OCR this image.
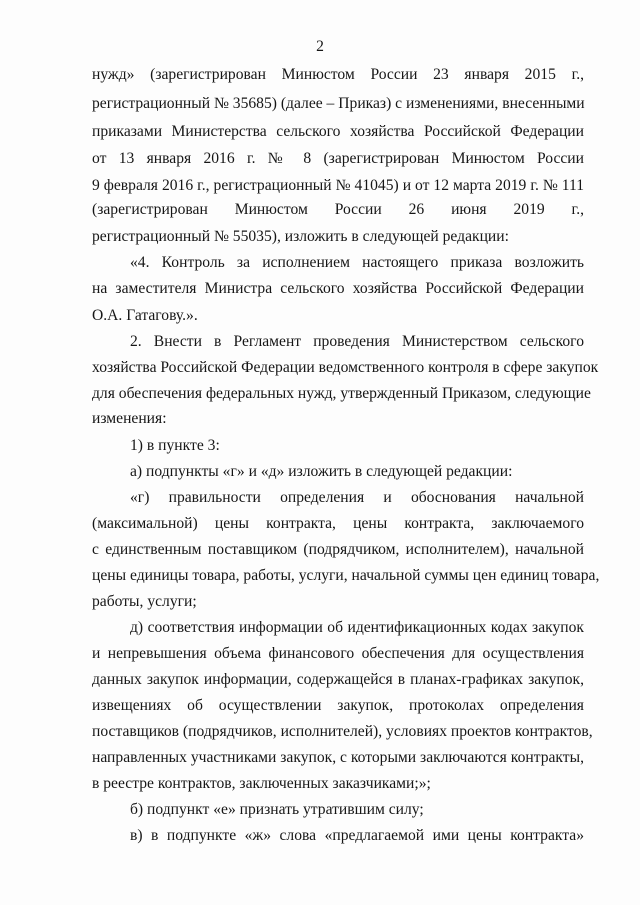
2
нужд» (зарегистрирован Минюстом России 23 января 2015 г.,
регистрационный № 35685) (далее – Приказ) с изменениями, внесенными
приказами Министерства сельского хозяйства Российской Федерации
от 13 января 2016 г. № 8 (зарегистрирован Минюстом России
9 февраля 2016 г., регистрационный № 41045) и от 12 марта 2019 г. № 111
(зарегистрирован Минюстом России 26 июня 2019 г.,
регистрационный № 55035), изложить в следующей редакции:
«4. Контроль за исполнением настоящего приказа возложить
на заместителя Министра сельского хозяйства Российской Федерации
О.А. Гатагову.».
2. Внести в Регламент проведения Министерством сельского
хозяйства Российской Федерации ведомственного контроля в сфере закупок
для обеспечения федеральных нужд, утвержденный Приказом, следующие
изменения:
1) в пункте 3:
а) подпункты «г» и «д» изложить в следующей редакции:
«г) правильности определения и обоснования начальной
(максимальной) цены контракта, цены контракта, заключаемого
с единственным поставщиком (подрядчиком, исполнителем), начальной
цены единицы товара, работы, услуги, начальной суммы цен единиц товара,
работы, услуги;
д) соответствия информации об идентификационных кодах закупок
и непревышения объема финансового обеспечения для осуществления
данных закупок информации, содержащейся в планах-графиках закупок,
извещениях об осуществлении закупок, протоколах определения
поставщиков (подрядчиков, исполнителей), условиях проектов контрактов,
направленных участниками закупок, с которыми заключаются контракты,
в реестре контрактов, заключенных заказчиками;»;
б) подпункт «е» признать утратившим силу;
в) в подпункте «ж» слова «предлагаемой ими цены контракта»
